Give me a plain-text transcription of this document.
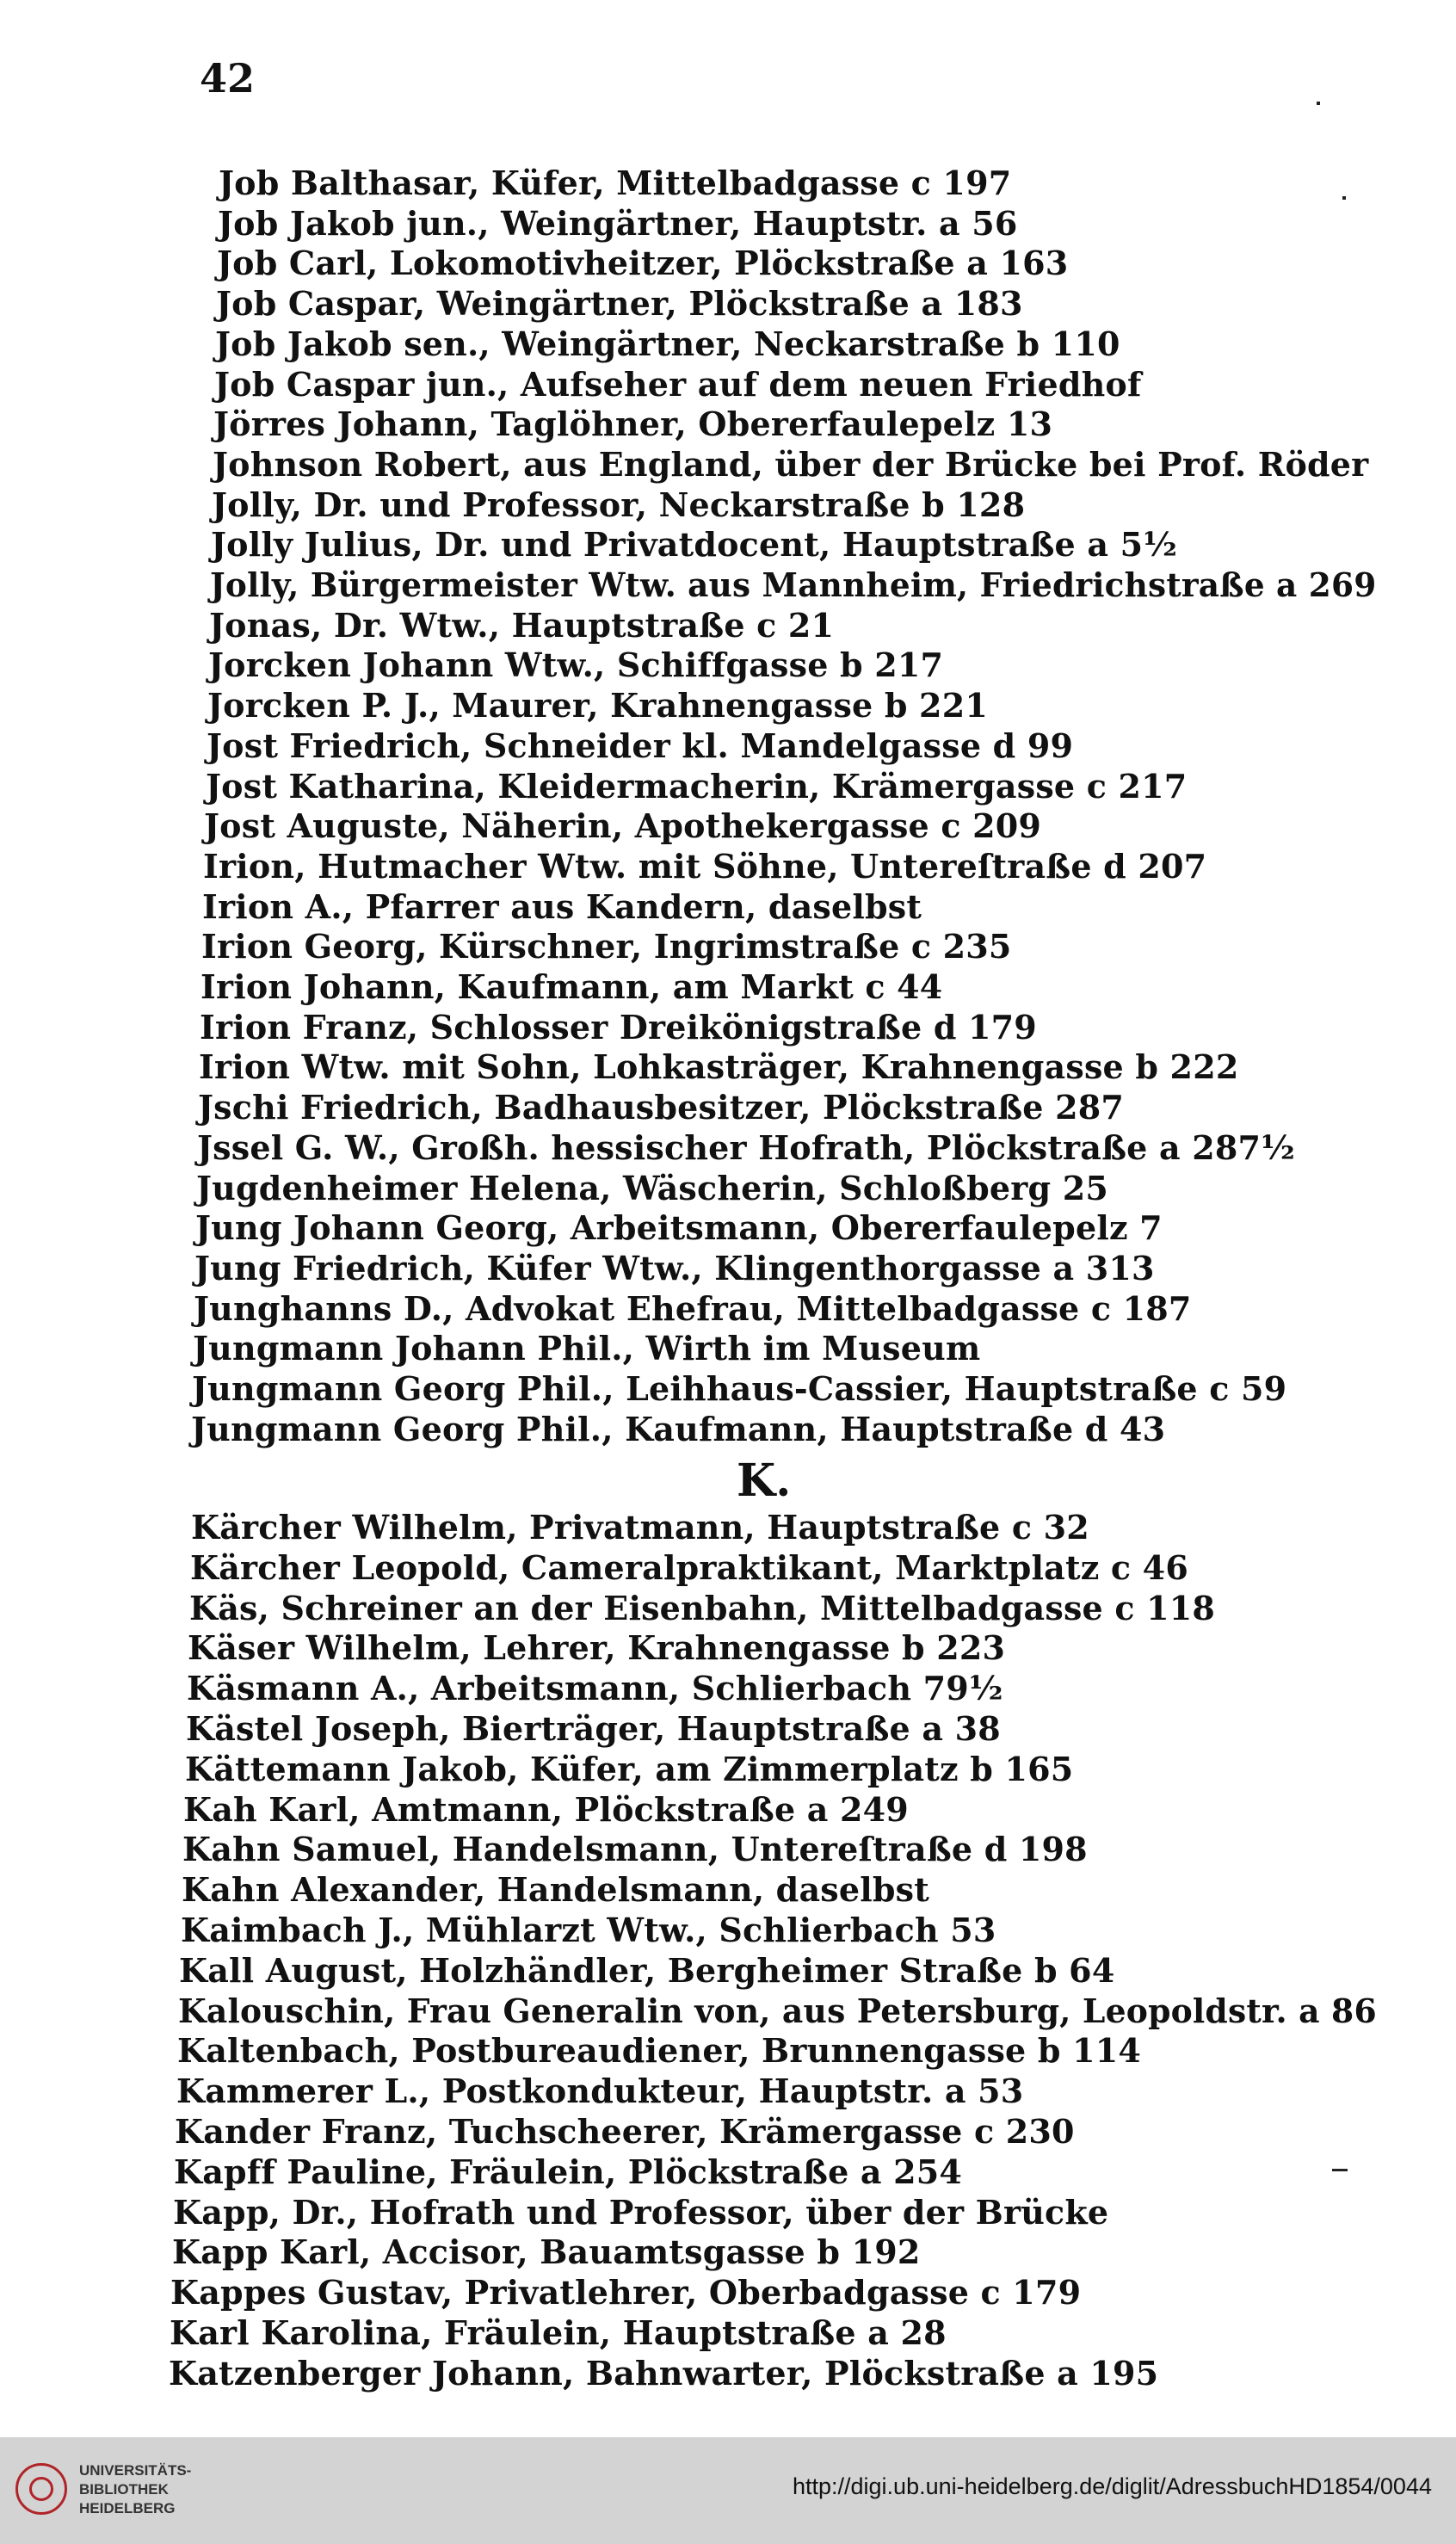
42
Job Balthasar, Küfer, Mittelbadgasse c 197
Job Jakob jun., Weingärtner, Hauptstr. a 56
Job Carl, Lokomotivheitzer, Plöckstraße a 163
Job Caspar, Weingärtner, Plöckstraße a 183
Job Jakob sen., Weingärtner, Neckarstraße b 110
Job Caspar jun., Aufseher auf dem neuen Friedhof
Jörres Johann, Taglöhner, Obererfaulepelz 13
Johnson Robert, aus England, über der Brücke bei Prof. Röder
Jolly, Dr. und Professor, Neckarstraße b 128
Jolly Julius, Dr. und Privatdocent, Hauptstraße a 5½
Jolly, Bürgermeister Wtw. aus Mannheim, Friedrichstraße a 269
Jonas, Dr. Wtw., Hauptstraße c 21
Jorcken Johann Wtw., Schiffgasse b 217
Jorcken P. J., Maurer, Krahnengasse b 221
Jost Friedrich, Schneider kl. Mandelgasse d 99
Jost Katharina, Kleidermacherin, Krämergasse c 217
Jost Auguste, Näherin, Apothekergasse c 209
Irion, Hutmacher Wtw. mit Söhne, Untereſtraße d 207
Irion A., Pfarrer aus Kandern, daselbst
Irion Georg, Kürschner, Ingrimstraße c 235
Irion Johann, Kaufmann, am Markt c 44
Irion Franz, Schlosser Dreikönigstraße d 179
Irion Wtw. mit Sohn, Lohkasträger, Krahnengasse b 222
Jschi Friedrich, Badhausbesitzer, Plöckstraße 287
Jssel G. W., Großh. hessischer Hofrath, Plöckstraße a 287½
Jugdenheimer Helena, Wäscherin, Schloßberg 25
Jung Johann Georg, Arbeitsmann, Obererfaulepelz 7
Jung Friedrich, Küfer Wtw., Klingenthorgasse a 313
Junghanns D., Advokat Ehefrau, Mittelbadgasse c 187
Jungmann Johann Phil., Wirth im Museum
Jungmann Georg Phil., Leihhaus-Cassier, Hauptstraße c 59
Jungmann Georg Phil., Kaufmann, Hauptstraße d 43
K.
Kärcher Wilhelm, Privatmann, Hauptstraße c 32
Kärcher Leopold, Cameralpraktikant, Marktplatz c 46
Käs, Schreiner an der Eisenbahn, Mittelbadgasse c 118
Käser Wilhelm, Lehrer, Krahnengasse b 223
Käsmann A., Arbeitsmann, Schlierbach 79½
Kästel Joseph, Bierträger, Hauptstraße a 38
Kättemann Jakob, Küfer, am Zimmerplatz b 165
Kah Karl, Amtmann, Plöckstraße a 249
Kahn Samuel, Handelsmann, Untereſtraße d 198
Kahn Alexander, Handelsmann, daselbst
Kaimbach J., Mühlarzt Wtw., Schlierbach 53
Kall August, Holzhändler, Bergheimer Straße b 64
Kalouschin, Frau Generalin von, aus Petersburg, Leopoldstr. a 86
Kaltenbach, Postbureaudiener, Brunnengasse b 114
Kammerer L., Postkondukteur, Hauptstr. a 53
Kander Franz, Tuchscheerer, Krämergasse c 230
Kapff Pauline, Fräulein, Plöckstraße a 254
Kapp, Dr., Hofrath und Professor, über der Brücke
Kapp Karl, Accisor, Bauamtsgasse b 192
Kappes Gustav, Privatlehrer, Oberbadgasse c 179
Karl Karolina, Fräulein, Hauptstraße a 28
Katzenberger Johann, Bahnwarter, Plöckstraße a 195
UNIVERSITÄTS-
BIBLIOTHEK
HEIDELBERG
http://digi.ub.uni-heidelberg.de/diglit/AdressbuchHD1854/0044
